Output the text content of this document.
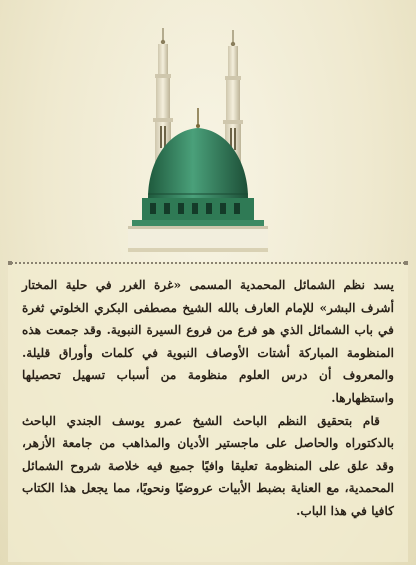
يسد نظم الشمائل المحمدية المسمى «غرة الغرر في حلية المختار أشرف البشر» للإمام العارف بالله الشيخ مصطفى البكري الخلوتي ثغرة في باب الشمائل الذي هو فرع من فروع السيرة النبوية. وقد جمعت هذه المنظومة المباركة أشتات الأوصاف النبوية في كلمات وأوراق قليلة. والمعروف أن درس العلوم منظومة من أسباب تسهيل تحصيلها واستظهارها.

قام بتحقيق النظم الباحث الشيخ عمرو يوسف الجندي الباحث بالدكتوراه والحاصل على ماجستير الأديان والمذاهب من جامعة الأزهر، وقد علق على المنظومة تعليقا وافيًا جميع فيه خلاصة شروح الشمائل المحمدية، مع العناية بضبط الأبيات عروضيًا ونحويًا، مما يجعل هذا الكتاب كافيا في هذا الباب.
